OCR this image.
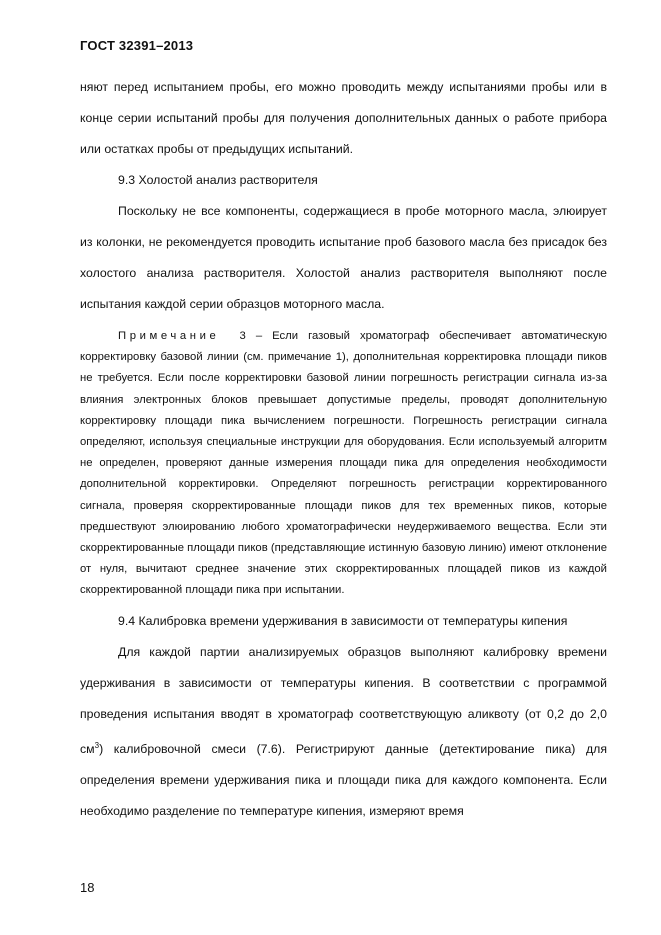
ГОСТ 32391–2013

няют перед испытанием пробы, его можно проводить между испытаниями пробы или в конце серии испытаний пробы для получения дополнительных данных о работе прибора или остатках пробы от предыдущих испытаний.

9.3 Холостой анализ растворителя

Поскольку не все компоненты, содержащиеся в пробе моторного масла, элюирует из колонки, не рекомендуется проводить испытание проб базового масла без присадок без холостого анализа растворителя. Холостой анализ растворителя выполняют после испытания каждой серии образцов моторного масла.

Примечание 3 – Если газовый хроматограф обеспечивает автоматическую корректировку базовой линии (см. примечание 1), дополнительная корректировка площади пиков не требуется. Если после корректировки базовой линии погрешность регистрации сигнала из-за влияния электронных блоков превышает допустимые пределы, проводят дополнительную корректировку площади пика вычислением погрешности. Погрешность регистрации сигнала определяют, используя специальные инструкции для оборудования. Если используемый алгоритм не определен, проверяют данные измерения площади пика для определения необходимости дополнительной корректировки. Определяют погрешность регистрации корректированного сигнала, проверяя скорректированные площади пиков для тех временных пиков, которые предшествуют элюированию любого хроматографически неудерживаемого вещества. Если эти скорректированные площади пиков (представляющие истинную базовую линию) имеют отклонение от нуля, вычитают среднее значение этих скорректированных площадей пиков из каждой скорректированной площади пика при испытании.

9.4 Калибровка времени удерживания в зависимости от температуры кипения

Для каждой партии анализируемых образцов выполняют калибровку времени удерживания в зависимости от температуры кипения. В соответствии с программой проведения испытания вводят в хроматограф соответствующую аликвоту (от 0,2 до 2,0 $см^3$) калибровочной смеси (7.6). Регистрируют данные (детектирование пика) для определения времени удерживания пика и площади пика для каждого компонента. Если необходимо разделение по температуре кипения, измеряют время

18
